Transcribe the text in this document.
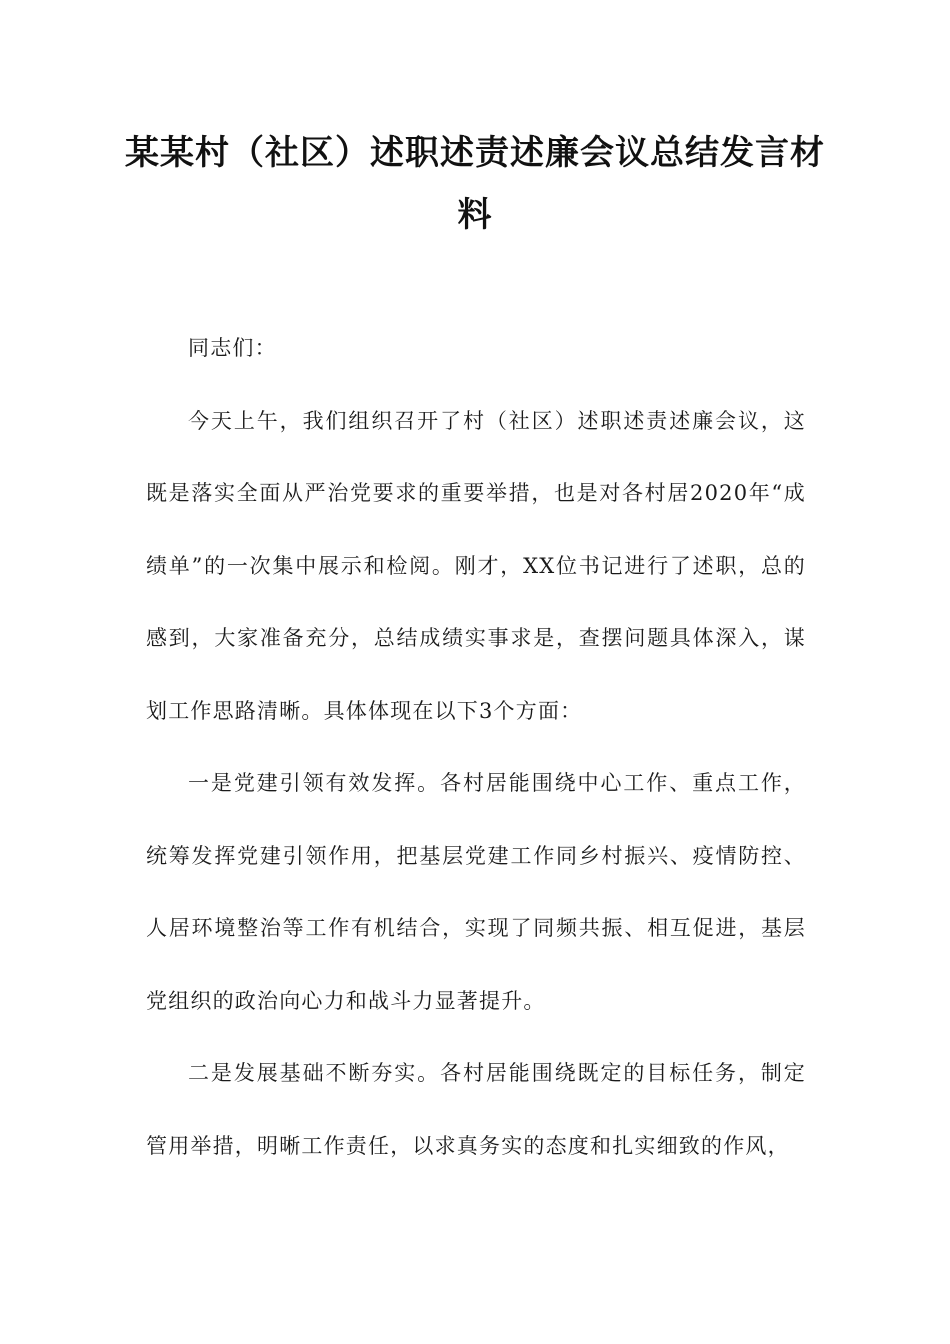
某某村（社区）述职述责述廉会议总结发言材料

同志们：

今天上午，我们组织召开了村（社区）述职述责述廉会议，这既是落实全面从严治党要求的重要举措，也是对各村居2020年“成绩单”的一次集中展示和检阅。刚才，XX位书记进行了述职，总的感到，大家准备充分，总结成绩实事求是，查摆问题具体深入，谋划工作思路清晰。具体体现在以下3个方面：

一是党建引领有效发挥。各村居能围绕中心工作、重点工作，统筹发挥党建引领作用，把基层党建工作同乡村振兴、疫情防控、人居环境整治等工作有机结合，实现了同频共振、相互促进，基层党组织的政治向心力和战斗力显著提升。

二是发展基础不断夯实。各村居能围绕既定的目标任务，制定管用举措，明晰工作责任，以求真务实的态度和扎实细致的作风，
